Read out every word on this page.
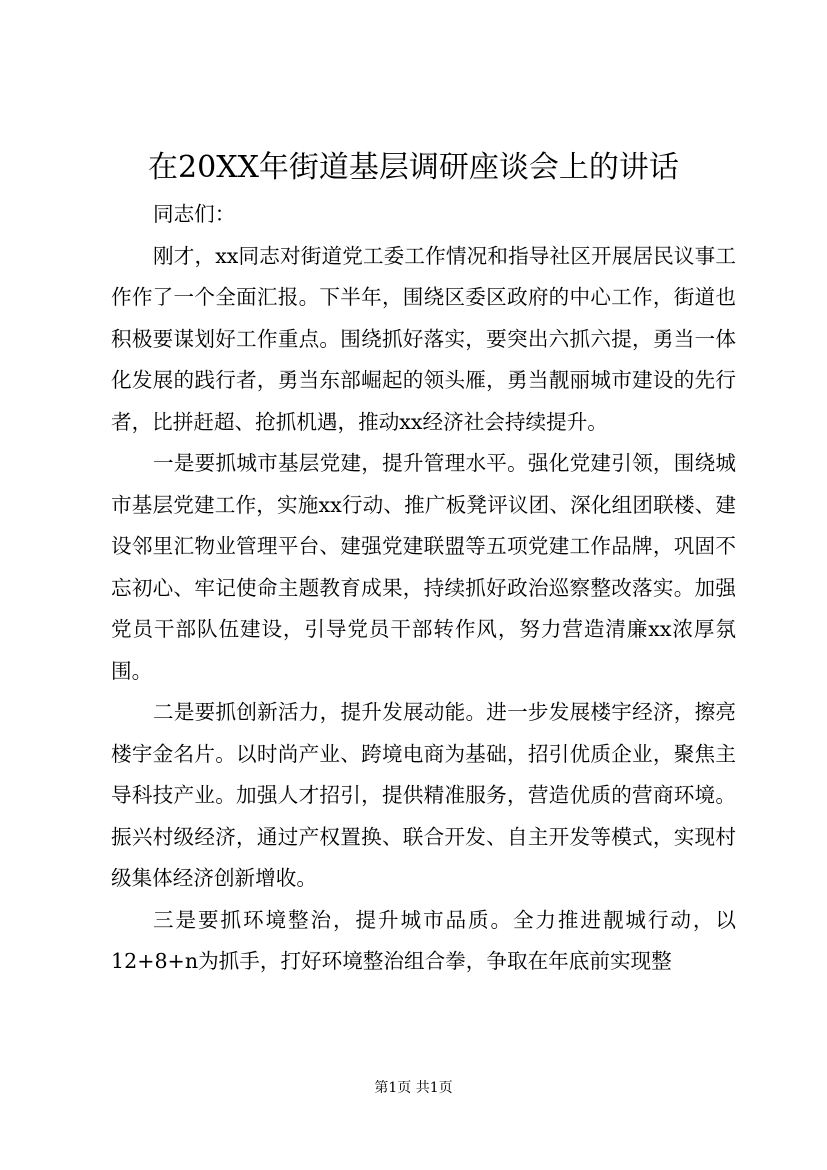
在20XX年街道基层调研座谈会上的讲话

同志们：

刚才，xx同志对街道党工委工作情况和指导社区开展居民议事工作作了一个全面汇报。下半年，围绕区委区政府的中心工作，街道也积极要谋划好工作重点。围绕抓好落实，要突出六抓六提，勇当一体化发展的践行者，勇当东部崛起的领头雁，勇当靓丽城市建设的先行者，比拼赶超、抢抓机遇，推动xx经济社会持续提升。

一是要抓城市基层党建，提升管理水平。强化党建引领，围绕城市基层党建工作，实施xx行动、推广板凳评议团、深化组团联楼、建设邻里汇物业管理平台、建强党建联盟等五项党建工作品牌，巩固不忘初心、牢记使命主题教育成果，持续抓好政治巡察整改落实。加强党员干部队伍建设，引导党员干部转作风，努力营造清廉xx浓厚氛围。

二是要抓创新活力，提升发展动能。进一步发展楼宇经济，擦亮楼宇金名片。以时尚产业、跨境电商为基础，招引优质企业，聚焦主导科技产业。加强人才招引，提供精准服务，营造优质的营商环境。振兴村级经济，通过产权置换、联合开发、自主开发等模式，实现村级集体经济创新增收。

三是要抓环境整治，提升城市品质。全力推进靓城行动，以12+8+n为抓手，打好环境整治组合拳，争取在年底前实现整

第1页 共1页
